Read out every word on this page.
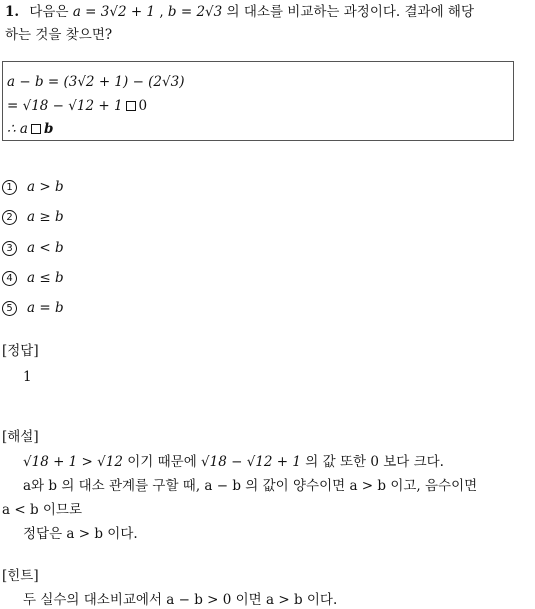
1. 다음은 a = 3√2 + 1 , b = 2√3 의 대소를 비교하는 과정이다. 결과에 해당
하는 것을 찾으면?
a − b = (3√2 + 1) − (2√3)
= √18 − √12 + 1 0
∴ a b
1 a > b
2 a ≥ b
3 a < b
4 a ≤ b
5 a = b
[정답]
1
[해설]
√18 + 1 > √12 이기 때문에 √18 − √12 + 1 의 값 또한 0 보다 크다.
a와 b 의 대소 관계를 구할 때, a − b 의 값이 양수이면 a > b 이고, 음수이면
a < b 이므로
정답은 a > b 이다.
[힌트]
두 실수의 대소비교에서 a − b > 0 이면 a > b 이다.
